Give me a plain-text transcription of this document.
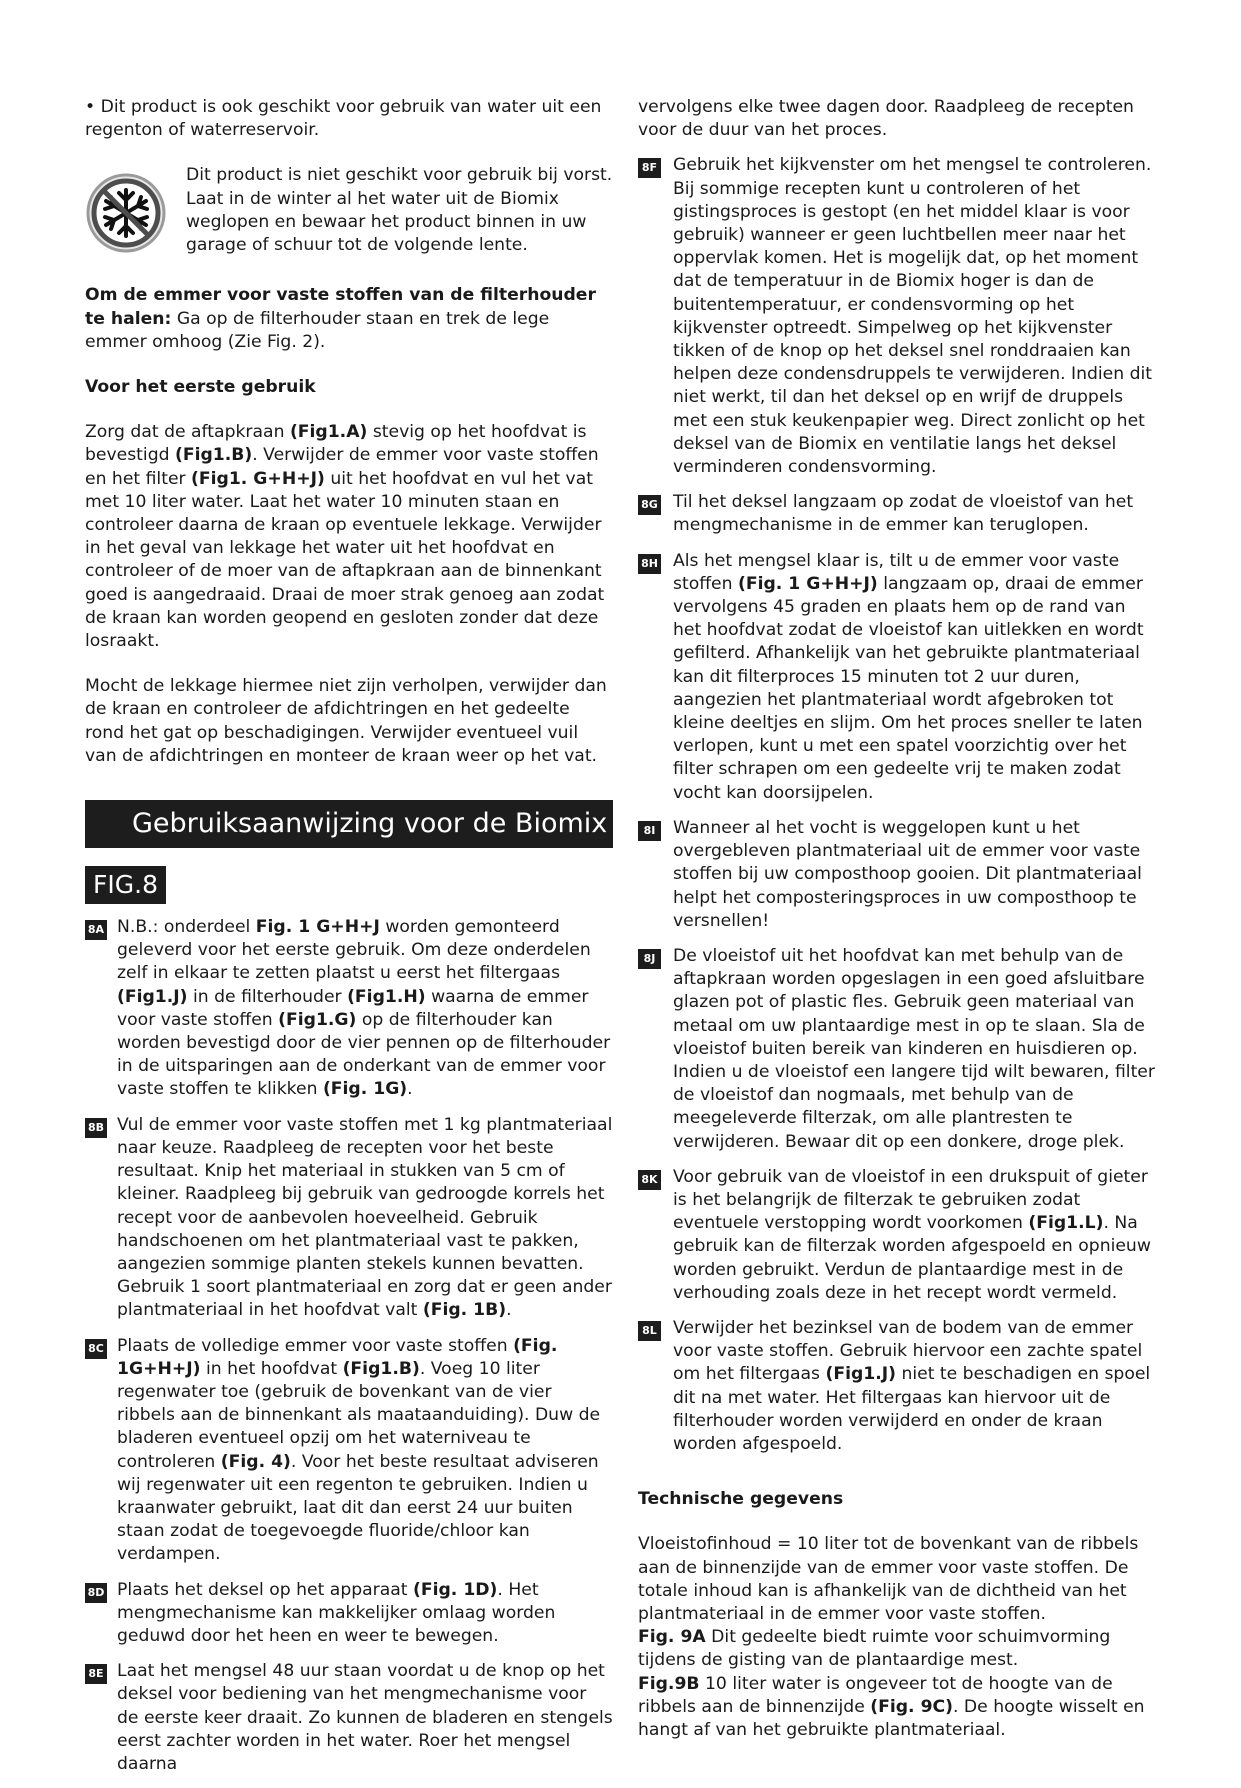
• Dit product is ook geschikt voor gebruik van water uit een regenton of waterreservoir.

Dit product is niet geschikt voor gebruik bij vorst. Laat in de winter al het water uit de Biomix weglopen en bewaar het product binnen in uw garage of schuur tot de volgende lente.

Om de emmer voor vaste stoffen van de filterhouder te halen: Ga op de filterhouder staan en trek de lege emmer omhoog (Zie Fig. 2).

Voor het eerste gebruik

Zorg dat de aftapkraan (Fig1.A) stevig op het hoofdvat is bevestigd (Fig1.B). Verwijder de emmer voor vaste stoffen en het filter (Fig1. G+H+J) uit het hoofdvat en vul het vat met 10 liter water. Laat het water 10 minuten staan en controleer daarna de kraan op eventuele lekkage. Verwijder in het geval van lekkage het water uit het hoofdvat en controleer of de moer van de aftapkraan aan de binnenkant goed is aangedraaid. Draai de moer strak genoeg aan zodat de kraan kan worden geopend en gesloten zonder dat deze losraakt.

Mocht de lekkage hiermee niet zijn verholpen, verwijder dan de kraan en controleer de afdichtringen en het gedeelte rond het gat op beschadigingen. Verwijder eventueel vuil van de afdichtringen en monteer de kraan weer op het vat.

Gebruiksaanwijzing voor de Biomix
FIG.8
8A N.B.: onderdeel Fig. 1 G+H+J worden gemonteerd geleverd voor het eerste gebruik. Om deze onderdelen zelf in elkaar te zetten plaatst u eerst het filtergaas (Fig1.J) in de filterhouder (Fig1.H) waarna de emmer voor vaste stoffen (Fig1.G) op de filterhouder kan worden bevestigd door de vier pennen op de filterhouder in de uitsparingen aan de onderkant van de emmer voor vaste stoffen te klikken (Fig. 1G).

8B Vul de emmer voor vaste stoffen met 1 kg plantmateriaal naar keuze. Raadpleeg de recepten voor het beste resultaat. Knip het materiaal in stukken van 5 cm of kleiner. Raadpleeg bij gebruik van gedroogde korrels het recept voor de aanbevolen hoeveelheid. Gebruik handschoenen om het plantmateriaal vast te pakken, aangezien sommige planten stekels kunnen bevatten. Gebruik 1 soort plantmateriaal en zorg dat er geen ander plantmateriaal in het hoofdvat valt (Fig. 1B).

8C Plaats de volledige emmer voor vaste stoffen (Fig. 1G+H+J) in het hoofdvat (Fig1.B). Voeg 10 liter regenwater toe (gebruik de bovenkant van de vier ribbels aan de binnenkant als maataanduiding). Duw de bladeren eventueel opzij om het waterniveau te controleren (Fig. 4). Voor het beste resultaat adviseren wij regenwater uit een regenton te gebruiken. Indien u kraanwater gebruikt, laat dit dan eerst 24 uur buiten staan zodat de toegevoegde fluoride/chloor kan verdampen.

8D Plaats het deksel op het apparaat (Fig. 1D). Het mengmechanisme kan makkelijker omlaag worden geduwd door het heen en weer te bewegen.

8E Laat het mengsel 48 uur staan voordat u de knop op het deksel voor bediening van het mengmechanisme voor de eerste keer draait. Zo kunnen de bladeren en stengels eerst zachter worden in het water. Roer het mengsel daarna

vervolgens elke twee dagen door. Raadpleeg de recepten voor de duur van het proces.

8F Gebruik het kijkvenster om het mengsel te controleren. Bij sommige recepten kunt u controleren of het gistingsproces is gestopt (en het middel klaar is voor gebruik) wanneer er geen luchtbellen meer naar het oppervlak komen. Het is mogelijk dat, op het moment dat de temperatuur in de Biomix hoger is dan de buitentemperatuur, er condensvorming op het kijkvenster optreedt. Simpelweg op het kijkvenster tikken of de knop op het deksel snel ronddraaien kan helpen deze condensdruppels te verwijderen. Indien dit niet werkt, til dan het deksel op en wrijf de druppels met een stuk keukenpapier weg. Direct zonlicht op het deksel van de Biomix en ventilatie langs het deksel verminderen condensvorming.

8G Til het deksel langzaam op zodat de vloeistof van het mengmechanisme in de emmer kan teruglopen.

8H Als het mengsel klaar is, tilt u de emmer voor vaste stoffen (Fig. 1 G+H+J) langzaam op, draai de emmer vervolgens 45 graden en plaats hem op de rand van het hoofdvat zodat de vloeistof kan uitlekken en wordt gefilterd. Afhankelijk van het gebruikte plantmateriaal kan dit filterproces 15 minuten tot 2 uur duren, aangezien het plantmateriaal wordt afgebroken tot kleine deeltjes en slijm. Om het proces sneller te laten verlopen, kunt u met een spatel voorzichtig over het filter schrapen om een gedeelte vrij te maken zodat vocht kan doorsijpelen.

8I	Wanneer al het vocht is weggelopen kunt u het overgebleven plantmateriaal uit de emmer voor vaste stoffen bij uw composthoop gooien. Dit plantmateriaal helpt het composteringsproces in uw composthoop te versnellen!

8J	De vloeistof uit het hoofdvat kan met behulp van de aftapkraan worden opgeslagen in een goed afsluitbare glazen pot of plastic fles. Gebruik geen materiaal van metaal om uw plantaardige mest in op te slaan. Sla de vloeistof buiten bereik van kinderen en huisdieren op. Indien u de vloeistof een langere tijd wilt bewaren, filter de vloeistof dan nogmaals, met behulp van de meegeleverde filterzak, om alle plantresten te verwijderen. Bewaar dit op een donkere, droge plek.

8K Voor gebruik van de vloeistof in een drukspuit of gieter is het belangrijk de filterzak te gebruiken zodat eventuele verstopping wordt voorkomen (Fig1.L). Na gebruik kan de filterzak worden afgespoeld en opnieuw worden gebruikt. Verdun de plantaardige mest in de verhouding zoals deze in het recept wordt vermeld.

8L Verwijder het bezinksel van de bodem van de emmer voor vaste stoffen. Gebruik hiervoor een zachte spatel om het filtergaas (Fig1.J) niet te beschadigen en spoel dit na met water. Het filtergaas kan hiervoor uit de filterhouder worden verwijderd en onder de kraan worden afgespoeld.

Technische gegevens

Vloeistofinhoud = 10 liter tot de bovenkant van de ribbels aan de binnenzijde van de emmer voor vaste stoffen. De totale inhoud kan is afhankelijk van de dichtheid van het plantmateriaal in de emmer voor vaste stoffen.
Fig. 9A Dit gedeelte biedt ruimte voor schuimvorming tijdens de gisting van de plantaardige mest.
Fig.9B 10 liter water is ongeveer tot de hoogte van de ribbels aan de binnenzijde (Fig. 9C). De hoogte wisselt en hangt af van het gebruikte plantmateriaal.
